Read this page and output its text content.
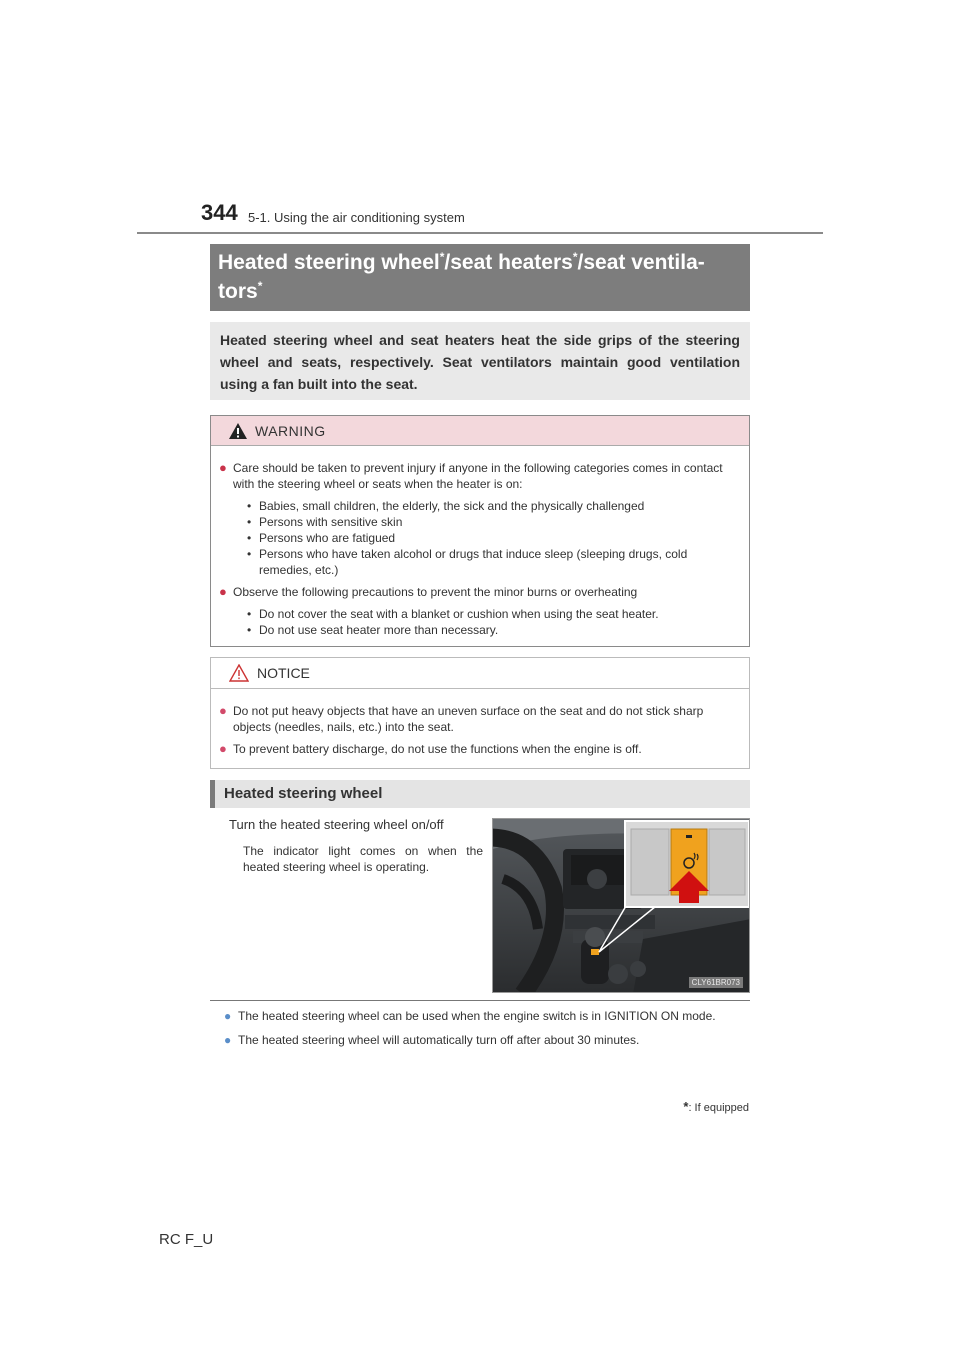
344 5-1. Using the air conditioning system
Heated steering wheel*/seat heaters*/seat ventila-
tors*
Heated steering wheel and seat heaters heat the side grips of the steering wheel and seats, respectively. Seat ventilators maintain good ventilation using a fan built into the seat.
WARNING
● Care should be taken to prevent injury if anyone in the following categories comes in contact with the steering wheel or seats when the heater is on:
• Babies, small children, the elderly, the sick and the physically challenged
• Persons with sensitive skin
• Persons who are fatigued
• Persons who have taken alcohol or drugs that induce sleep (sleeping drugs, cold remedies, etc.)
● Observe the following precautions to prevent the minor burns or overheating
• Do not cover the seat with a blanket or cushion when using the seat heater.
• Do not use seat heater more than necessary.
NOTICE
● Do not put heavy objects that have an uneven surface on the seat and do not stick sharp objects (needles, nails, etc.) into the seat.
● To prevent battery discharge, do not use the functions when the engine is off.
Heated steering wheel
Turn the heated steering wheel on/off
The indicator light comes on when the heated steering wheel is operating.
CLY61BR073
● The heated steering wheel can be used when the engine switch is in IGNITION ON mode.
● The heated steering wheel will automatically turn off after about 30 minutes.
*: If equipped
RC F_U
